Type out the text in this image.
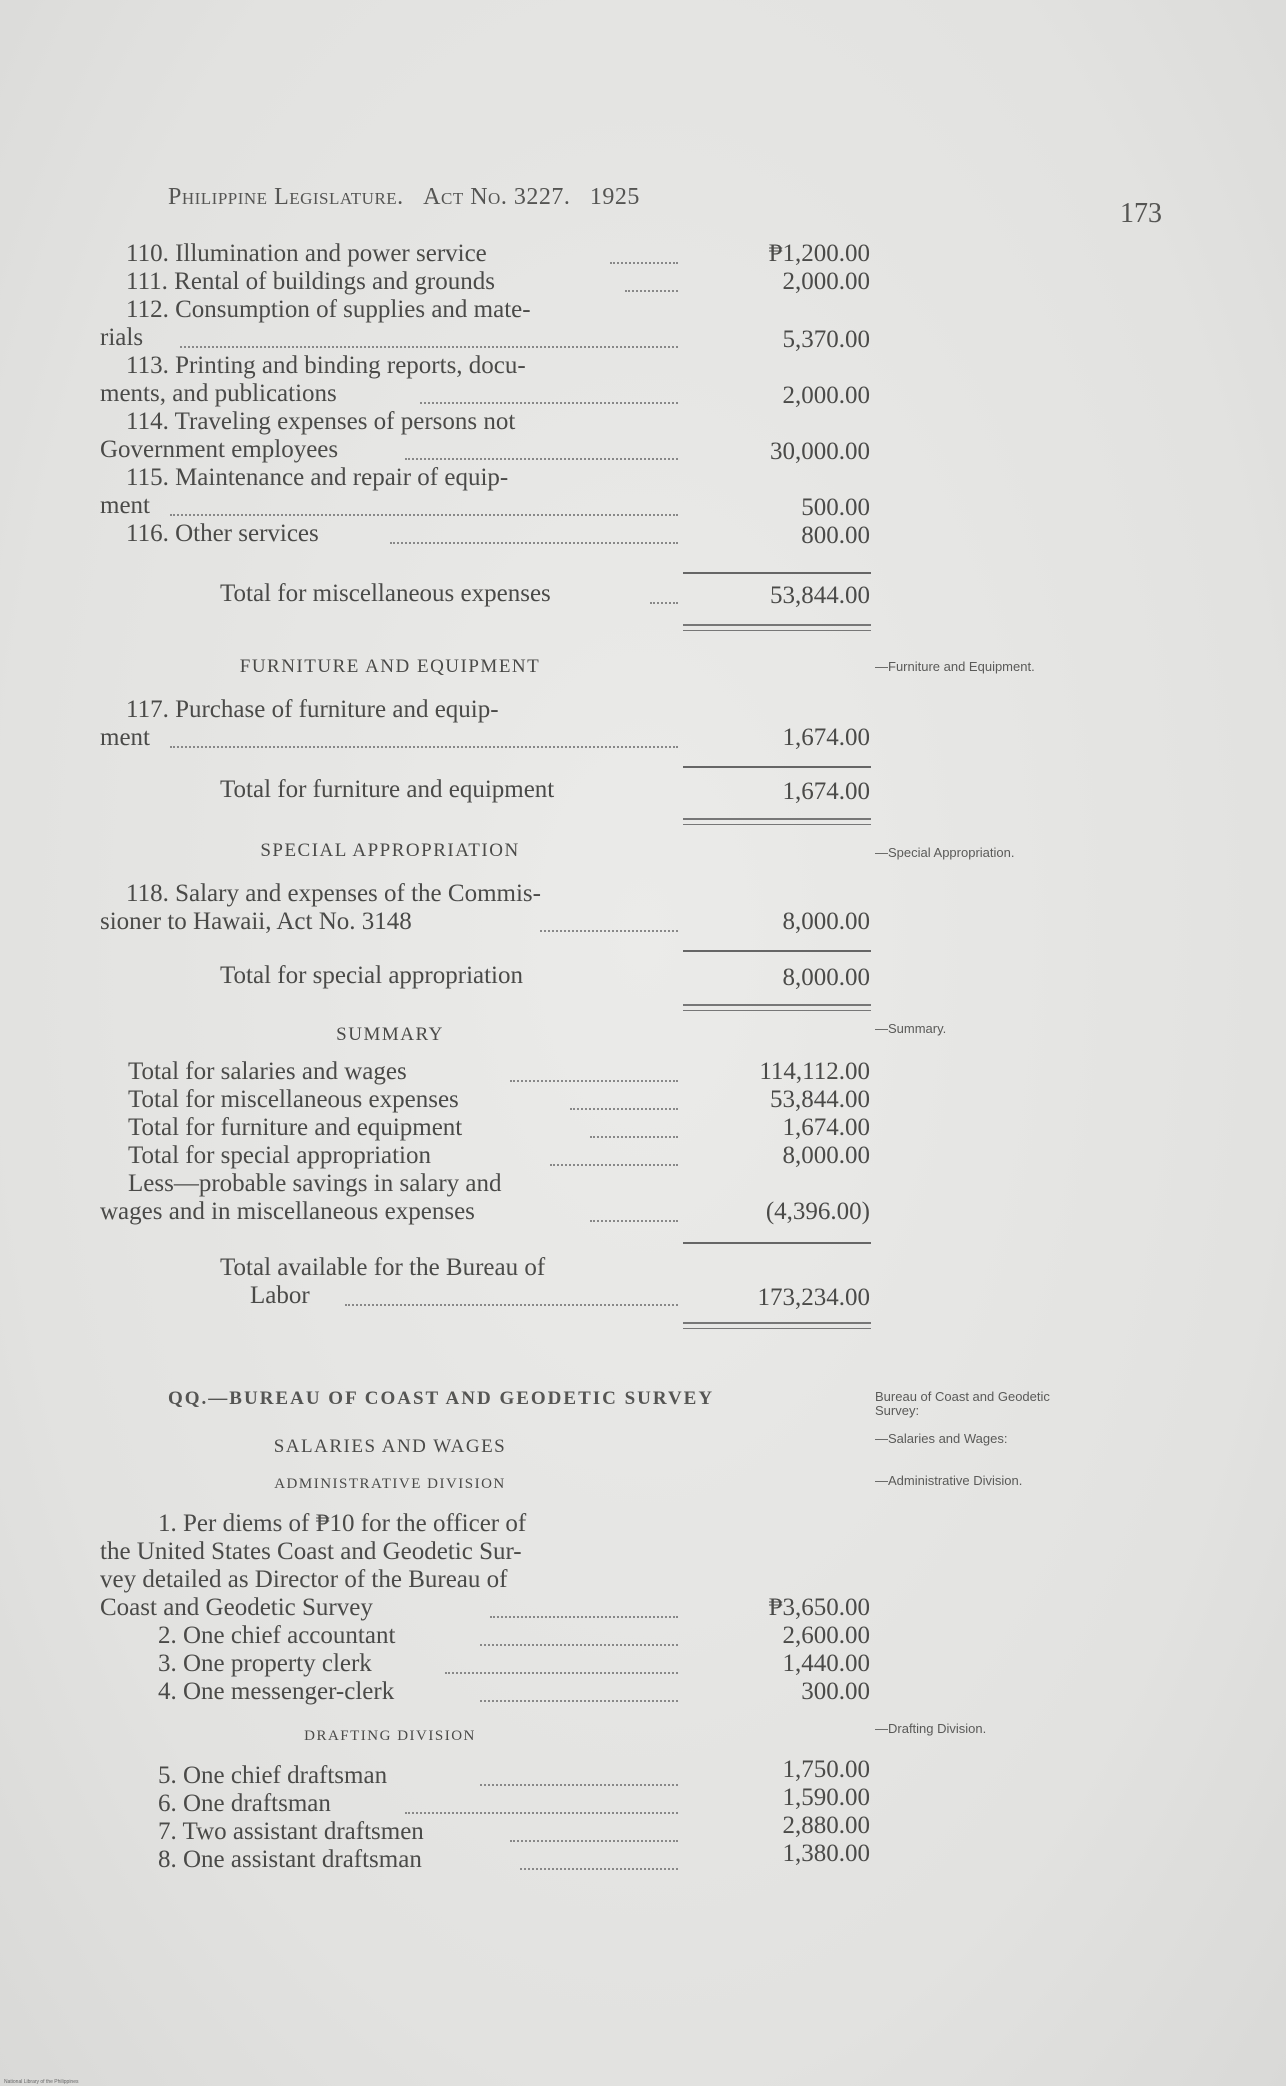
Philippine Legislature. Act No. 3227. 1925
173
110. Illumination and power service	₱1,200.00
111. Rental of buildings and grounds	2,000.00
112. Consumption of supplies and mate-
rials	5,370.00
113. Printing and binding reports, docu-
ments, and publications	2,000.00
114. Traveling expenses of persons not
Government employees	30,000.00
115. Maintenance and repair of equip-
ment	500.00
116. Other services	800.00
Total for miscellaneous expenses	53,844.00
FURNITURE AND EQUIPMENT	—Furniture and Equipment.
117. Purchase of furniture and equip-
ment	1,674.00
Total for furniture and equipment	1,674.00
SPECIAL APPROPRIATION	—Special Appropriation.
118. Salary and expenses of the Commis-
sioner to Hawaii, Act No. 3148	8,000.00
Total for special appropriation	8,000.00
SUMMARY	—Summary.
Total for salaries and wages	114,112.00
Total for miscellaneous expenses	53,844.00
Total for furniture and equipment	1,674.00
Total for special appropriation	8,000.00
Less—probable savings in salary and
wages and in miscellaneous expenses	(4,396.00)
Total available for the Bureau of
Labor	173,234.00
QQ.—BUREAU OF COAST AND GEODETIC SURVEY	Bureau of Coast and Geodetic Survey:
SALARIES AND WAGES	—Salaries and Wages:
ADMINISTRATIVE DIVISION	—Administrative Division.
1. Per diems of ₱10 for the officer of
the United States Coast and Geodetic Sur-
vey detailed as Director of the Bureau of
Coast and Geodetic Survey	₱3,650.00
2. One chief accountant	2,600.00
3. One property clerk	1,440.00
4. One messenger-clerk	300.00
DRAFTING DIVISION	—Drafting Division.
5. One chief draftsman	1,750.00
6. One draftsman	1,590.00
7. Two assistant draftsmen	2,880.00
8. One assistant draftsman	1,380.00
National Library of the Philippines
